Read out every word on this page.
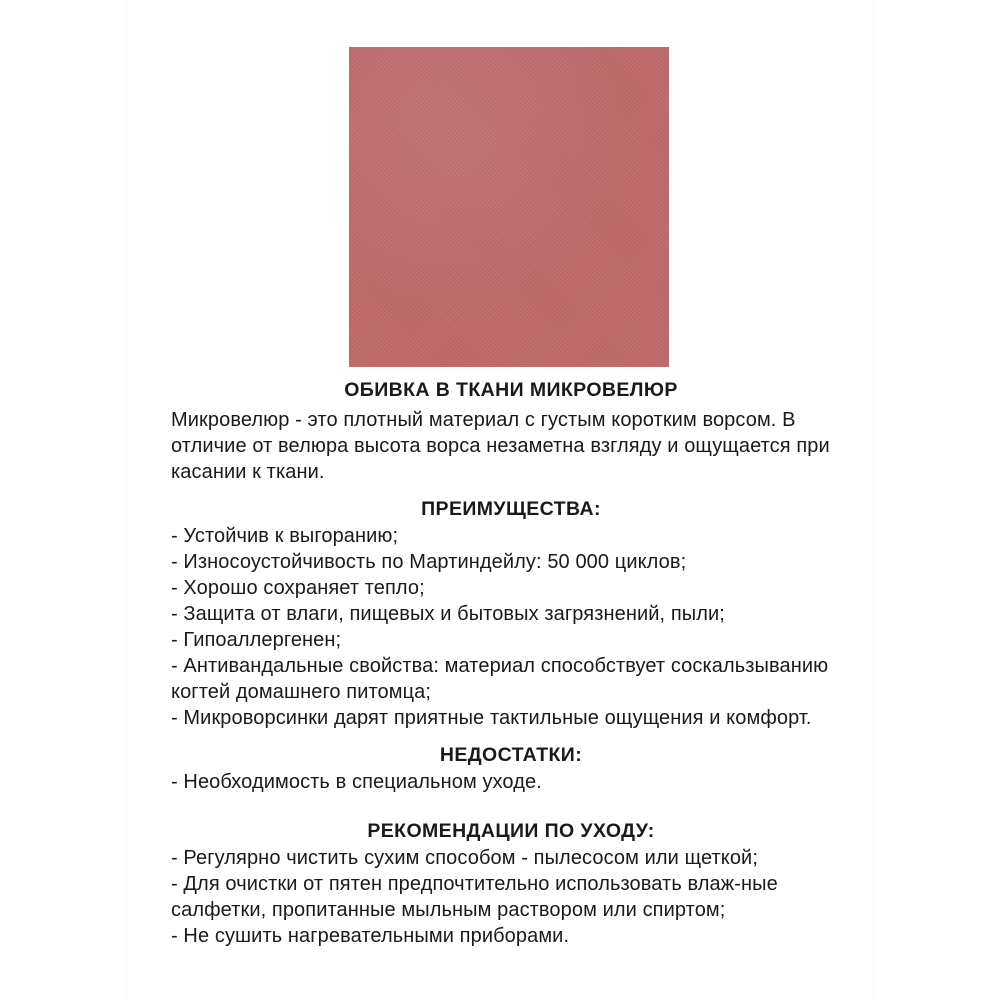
ОБИВКА В ТКАНИ МИКРОВЕЛЮР

Микровелюр - это плотный материал с густым коротким ворсом. В отличие от велюра высота ворса незаметна взгляду и ощущается при касании к ткани.

ПРЕИМУЩЕСТВА:
- Устойчив к выгоранию;
- Износоустойчивость по Мартиндейлу: 50 000 циклов;
- Хорошо сохраняет тепло;
- Защита от влаги, пищевых и бытовых загрязнений, пыли;
- Гипоаллергенен;
- Антивандальные свойства: материал способствует соскальзыванию когтей домашнего питомца;
- Микроворсинки дарят приятные тактильные ощущения и комфорт.
НЕДОСТАТКИ:
- Необходимость в специальном уходе.
РЕКОМЕНДАЦИИ ПО УХОДУ:
- Регулярно чистить сухим способом - пылесосом или щеткой;
- Для очистки от пятен предпочтительно использовать влаж-ные салфетки, пропитанные мыльным раствором или спиртом;
- Не сушить нагревательными приборами.
